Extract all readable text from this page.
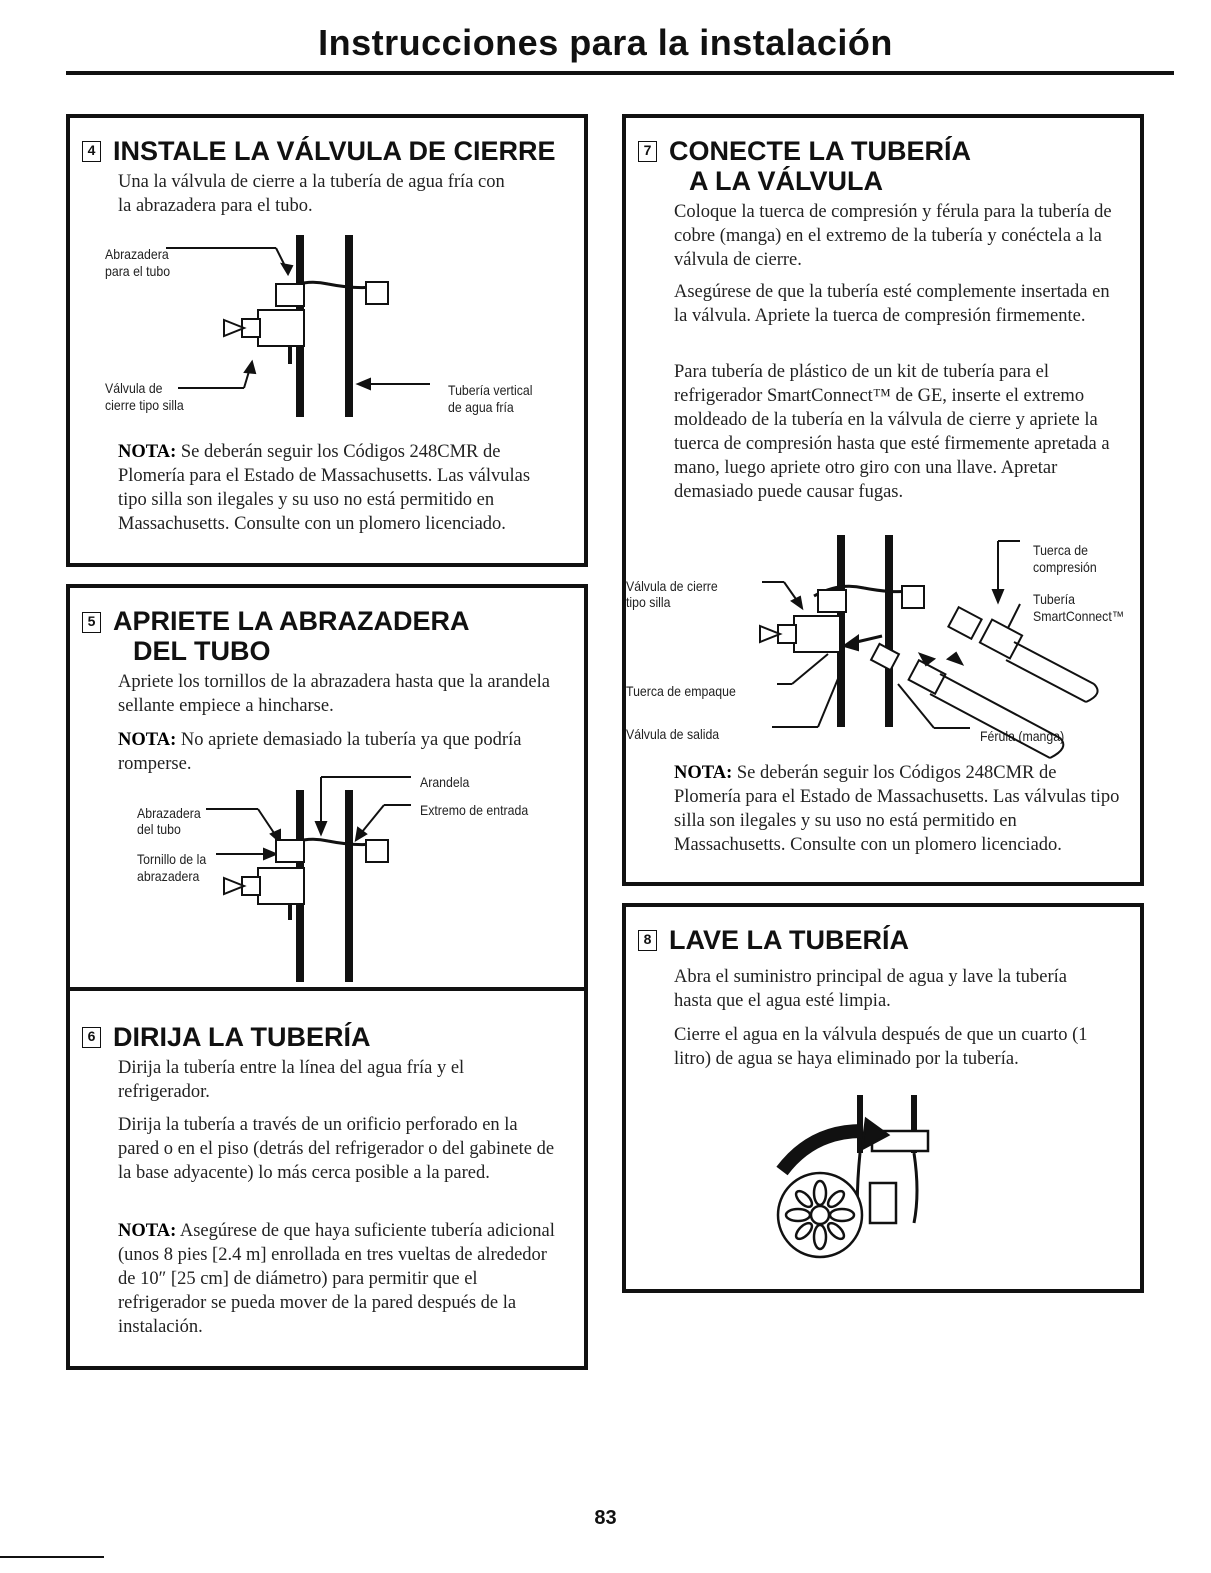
Instrucciones para la instalación
4 INSTALE LA VÁLVULA DE CIERRE

Una la válvula de cierre a la tubería de agua fría con la abrazadera para el tubo.

Abrazadera
para el tubo
Válvula de
cierre tipo silla
Tubería vertical
de agua fría

NOTA: Se deberán seguir los Códigos 248CMR de Plomería para el Estado de Massachusetts. Las válvulas tipo silla son ilegales y su uso no está permitido en Massachusetts. Consulte con un plomero licenciado.

5 APRIETE LA ABRAZADERA
DEL TUBO

Apriete los tornillos de la abrazadera hasta que la arandela sellante empiece a hincharse.

NOTA: No apriete demasiado la tubería ya que podría romperse.

Arandela
Extremo de entrada
Abrazadera
del tubo
Tornillo de la
abrazadera
6 DIRIJA LA TUBERÍA

Dirija la tubería entre la línea del agua fría y el refrigerador.

Dirija la tubería a través de un orificio perforado en la pared o en el piso (detrás del refrigerador o del gabinete de la base adyacente) lo más cerca posible a la pared.

NOTA: Asegúrese de que haya suficiente tubería adicional (unos 8 pies [2.4 m] enrollada en tres vueltas de alrededor de 10″ [25 cm] de diámetro) para permitir que el refrigerador se pueda mover de la pared después de la instalación.

7 CONECTE LA TUBERÍA
A LA VÁLVULA

Coloque la tuerca de compresión y férula para la tubería de cobre (manga) en el extremo de la tubería y conéctela a la válvula de cierre.

Asegúrese de que la tubería esté complemente insertada en la válvula. Apriete la tuerca de compresión firmemente.

Para tubería de plástico de un kit de tubería para el refrigerador SmartConnect™ de GE, inserte el extremo moldeado de la tubería en la válvula de cierre y apriete la tuerca de compresión hasta que esté firmemente apretada a mano, luego apriete otro giro con una llave. Apretar demasiado puede causar fugas.

Tuerca de
compresión
Válvula de cierre
tipo silla	Tubería
SmartConnect™
Tuerca de empaque
Válvula de salida	Férula (manga)

NOTA: Se deberán seguir los Códigos 248CMR de Plomería para el Estado de Massachusetts. Las válvulas tipo silla son ilegales y su uso no está permitido en Massachusetts. Consulte con un plomero licenciado.

8 LAVE LA TUBERÍA

Abra el suministro principal de agua y lave la tubería hasta que el agua esté limpia.

Cierre el agua en la válvula después de que un cuarto (1 litro) de agua se haya eliminado por la tubería.

83
